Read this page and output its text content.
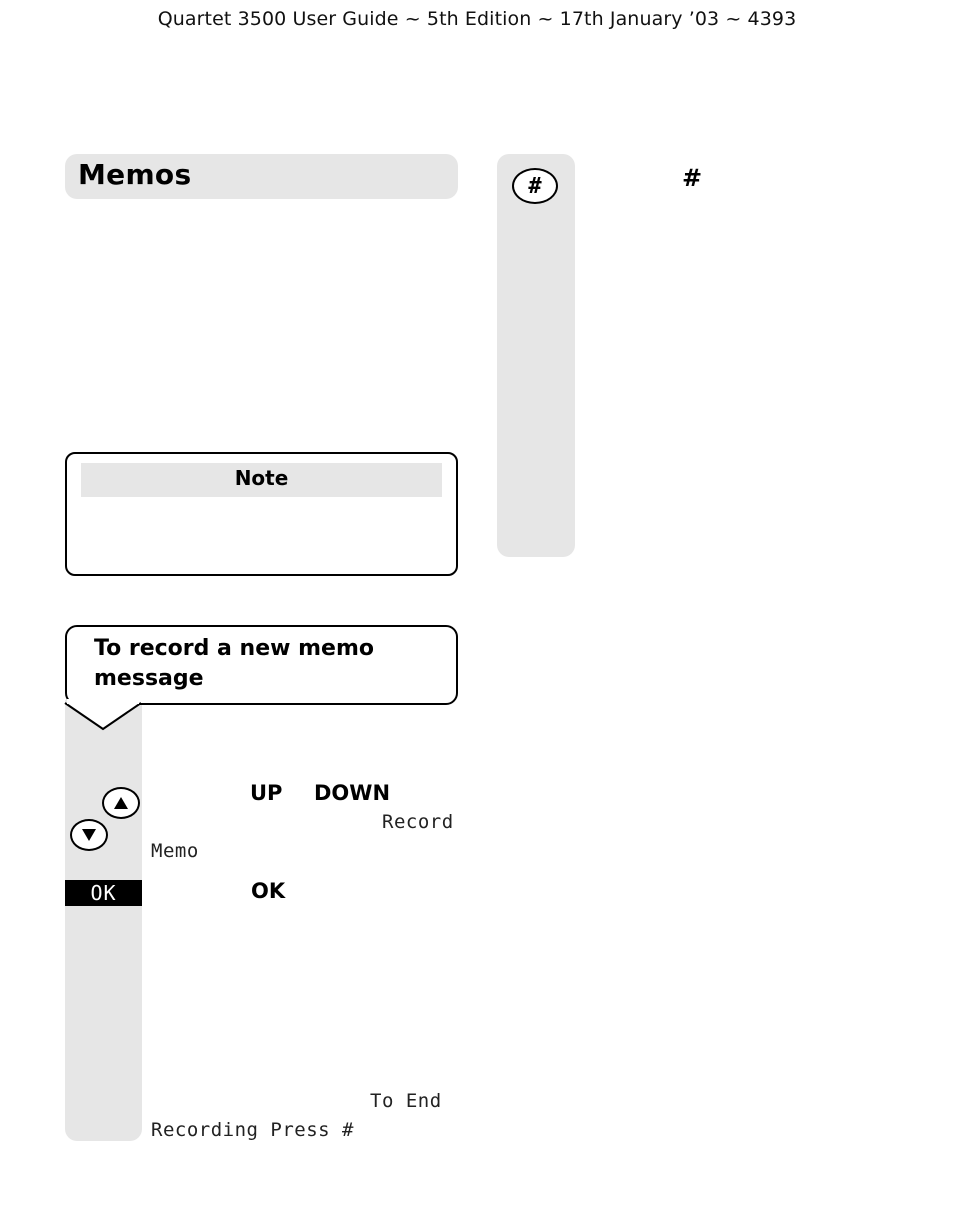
Quartet 3500 User Guide ~ 5th Edition ~ 17th January ’03 ~ 4393
Memos
Note
#	#
To record a new memo message
UP DOWN
Record
Memo
OK	OK
To End
Recording Press #
